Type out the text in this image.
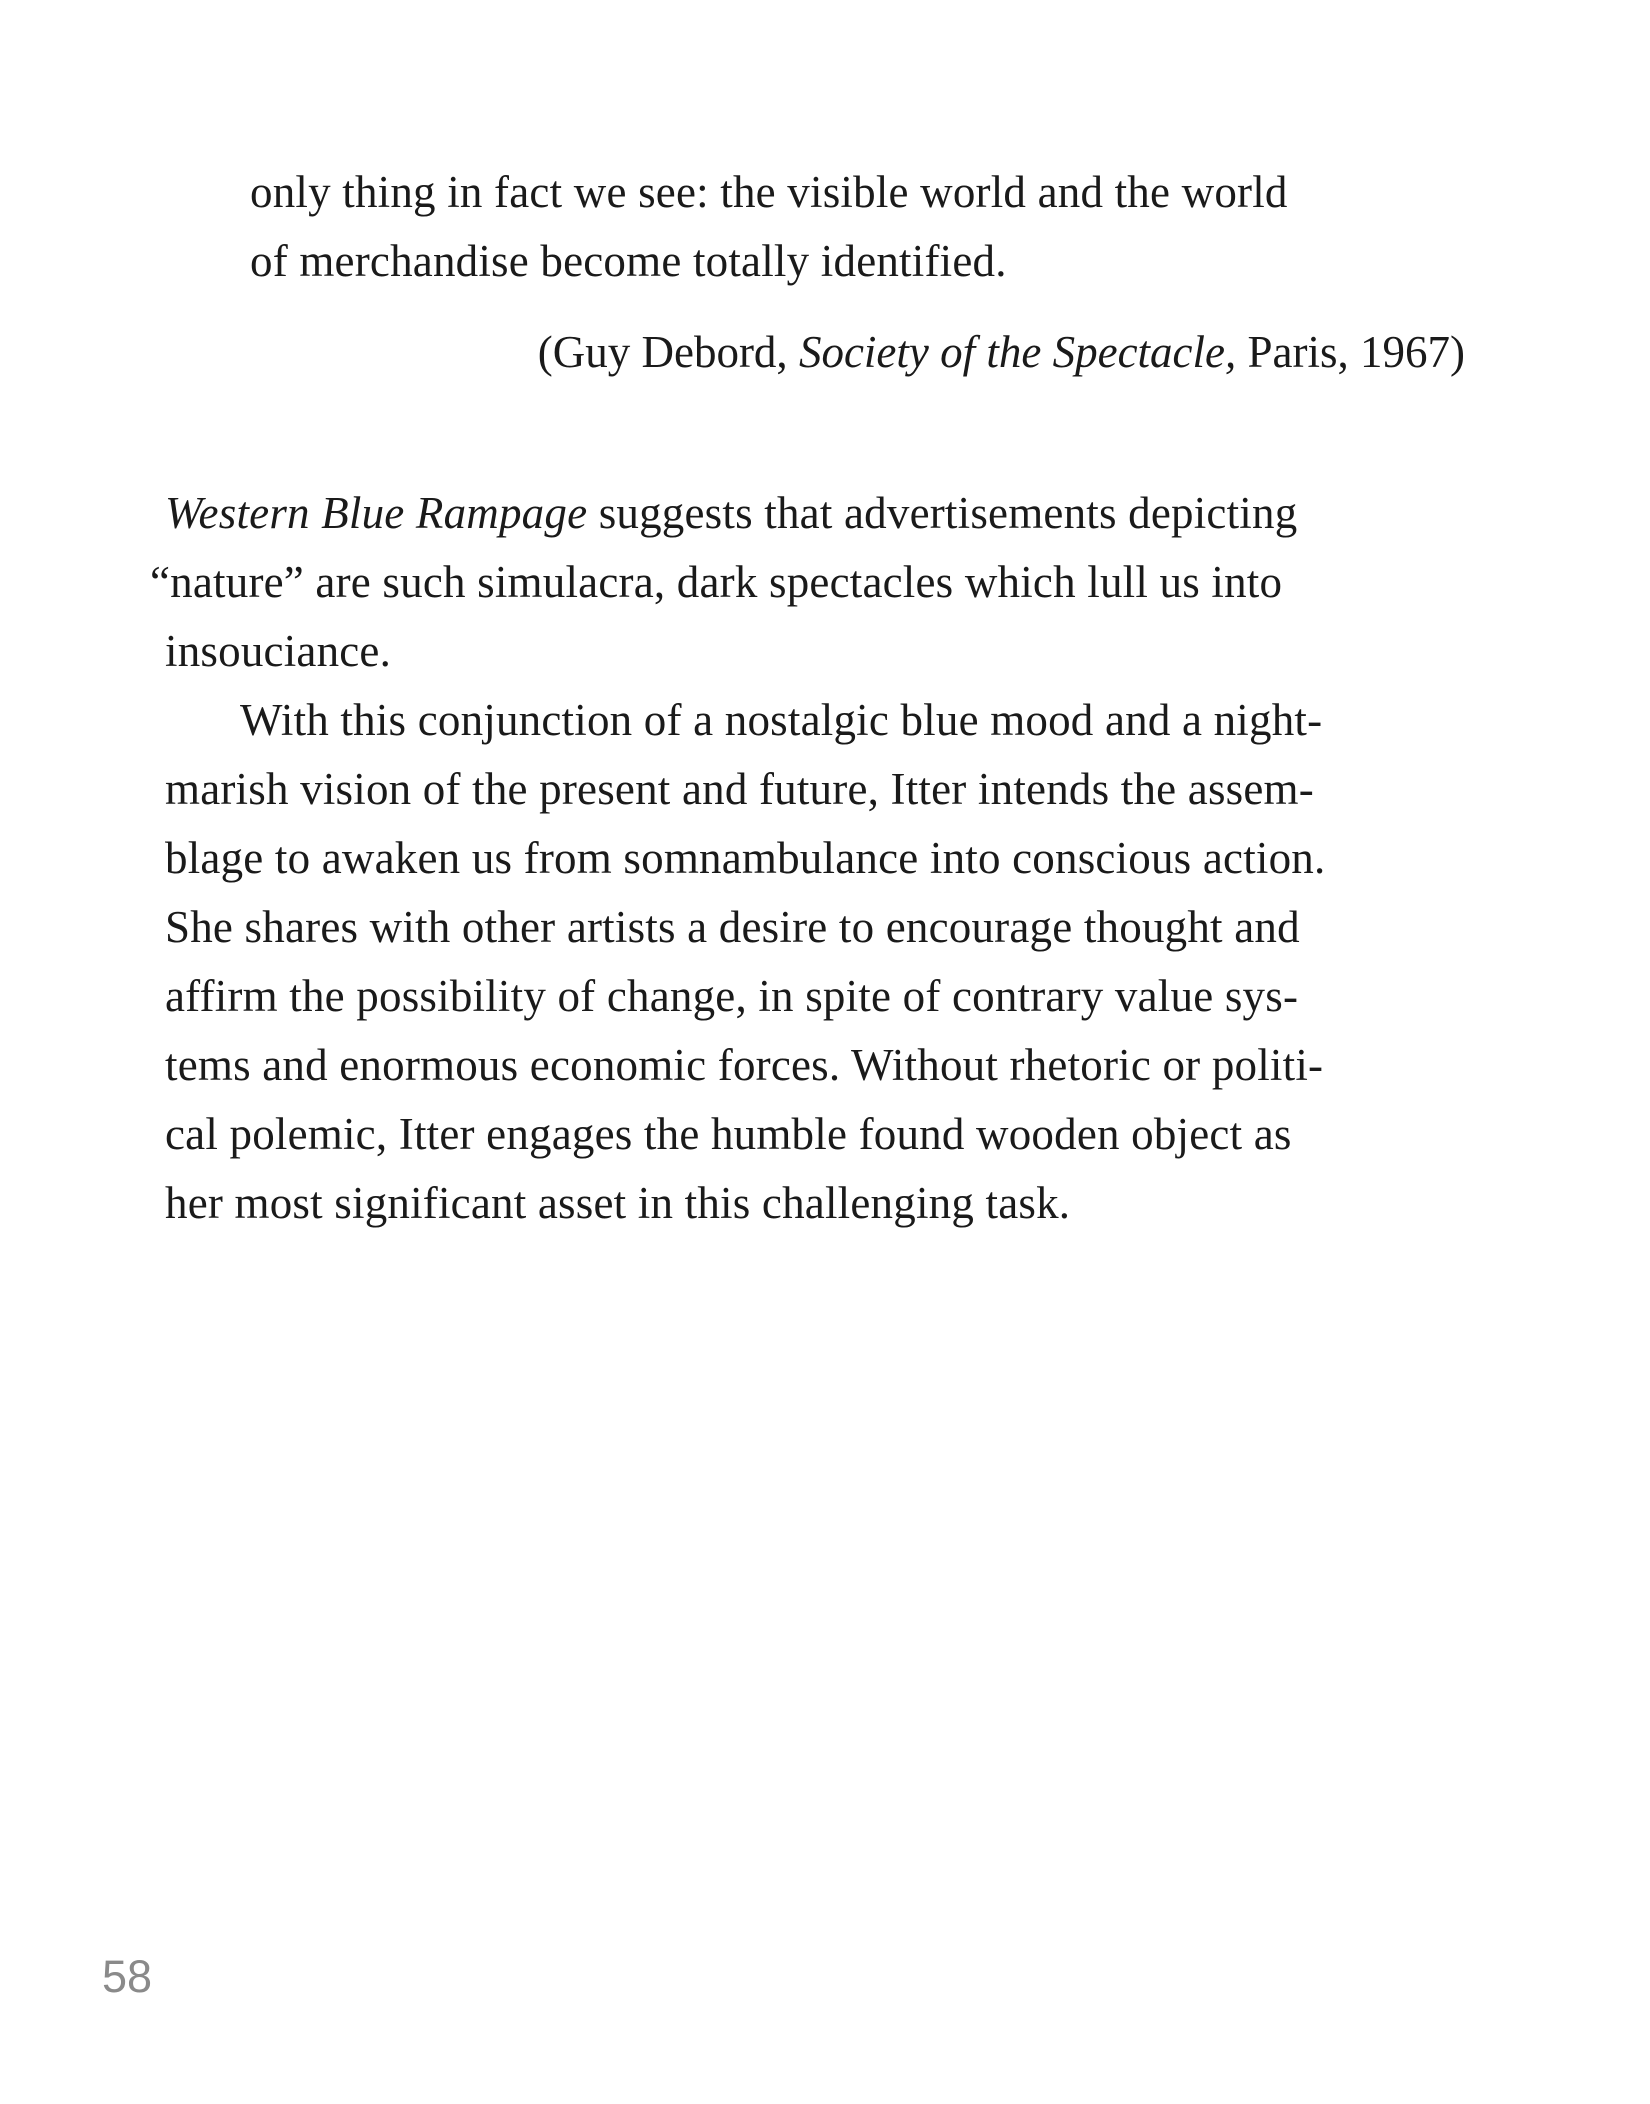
only thing in fact we see: the visible world and the world
of merchandise become totally identified.
(Guy Debord, Society of the Spectacle, Paris, 1967)
Western Blue Rampage suggests that advertisements depicting
“nature” are such simulacra, dark spectacles which lull us into
insouciance.
With this conjunction of a nostalgic blue mood and a night-
marish vision of the present and future, Itter intends the assem-
blage to awaken us from somnambulance into conscious action.
She shares with other artists a desire to encourage thought and
affirm the possibility of change, in spite of contrary value sys-
tems and enormous economic forces. Without rhetoric or politi-
cal polemic, Itter engages the humble found wooden object as
her most significant asset in this challenging task.
58
